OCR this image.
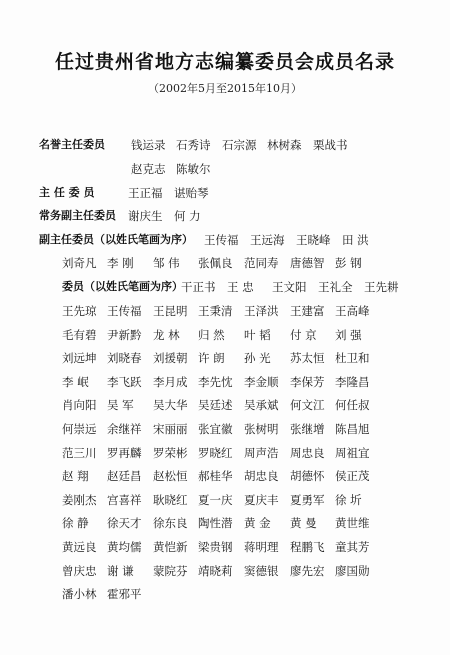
任过贵州省地方志编纂委员会成员名录
（2002年5月至2015年10月）
名誉主任委员 钱运录 石秀诗	石宗源 林树森	栗战书
赵克志 陈敏尔
主 任 委 员	王正福	谌贻琴
常务副主任委员 谢庆生	何 力
副主任委员（以姓氏笔画为序） 王传福	王远海	王晓峰	田 洪
刘奇凡 李 刚	邹 伟	张佩良	范同寿	唐德智 彭 钢
委员（以姓氏笔画为序）
干正书	王 忠	王文阳	王礼全	王先耕
王先琼 王传福	王昆明 王秉清	王泽洪	王建富 王高峰
毛有碧 尹新黔	龙 林	归 然	叶 韬	付 京	刘 强
刘远坤 刘晓春	刘援朝 许 朗	孙 光	苏太恒 杜卫和
李 岷	李飞跃	李月成 李先忱	李金顺	李保芳 李隆昌
肖向阳 吴 军	吴大华 吴廷述	吴承斌	何文江 何任叔
何崇远 余继祥	宋丽丽 张宜徽	张树明	张继增 陈昌旭
范三川 罗再麟	罗荣彬 罗晓红	周声浩	周忠良 周祖宜
赵 翔	赵廷昌	赵松恒 郝桂华	胡忠良	胡德怀 侯正茂
姜刚杰 宫喜祥	耿晓红 夏一庆	夏庆丰	夏勇军 徐 圻
徐 静	徐天才	徐东良 陶性潜	黄 金	黄 曼	黄世维
黄远良 黄均儒	黄恺新 梁贵钢	蒋明理	程鹏飞 童其芳
曾庆忠 谢 谦	蒙院芬 靖晓莉	窦德银	廖先宏 廖国勋
潘小林 霍邪平
